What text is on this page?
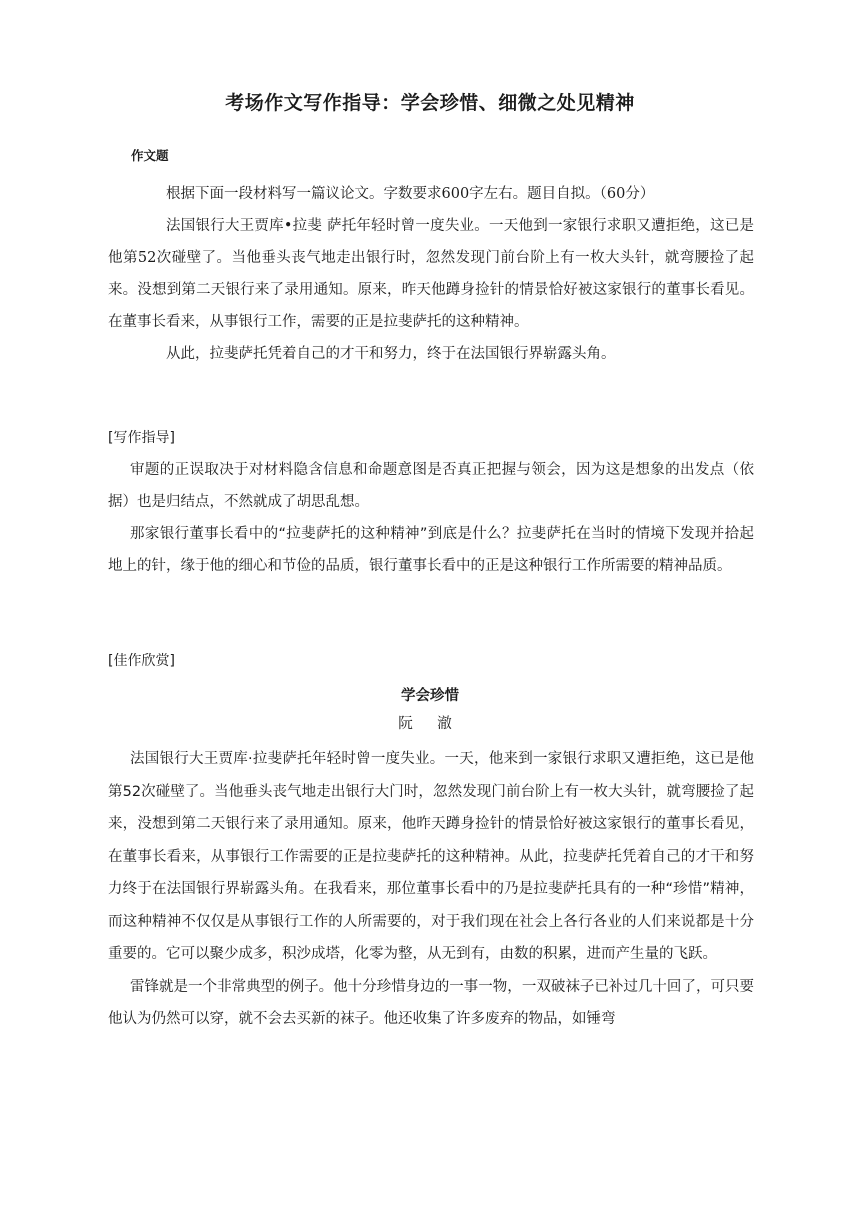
考场作文写作指导：学会珍惜、细微之处见精神
作文题

根据下面一段材料写一篇议论文。字数要求600字左右。题目自拟。（60分）

法国银行大王贾库•拉斐 萨托年轻时曾一度失业。一天他到一家银行求职又遭拒绝，这已是他第52次碰壁了。当他垂头丧气地走出银行时，忽然发现门前台阶上有一枚大头针，就弯腰捡了起来。没想到第二天银行来了录用通知。原来，昨天他蹲身捡针的情景恰好被这家银行的董事长看见。在董事长看来，从事银行工作，需要的正是拉斐萨托的这种精神。

从此，拉斐萨托凭着自己的才干和努力，终于在法国银行界崭露头角。

[写作指导]

审题的正误取决于对材料隐含信息和命题意图是否真正把握与领会，因为这是想象的出发点（依据）也是归结点，不然就成了胡思乱想。

那家银行董事长看中的“拉斐萨托的这种精神”到底是什么？拉斐萨托在当时的情境下发现并拾起地上的针，缘于他的细心和节俭的品质，银行董事长看中的正是这种银行工作所需要的精神品质。

[佳作欣赏]
学会珍惜
阮 澈

法国银行大王贾库·拉斐萨托年轻时曾一度失业。一天，他来到一家银行求职又遭拒绝，这已是他第52次碰壁了。当他垂头丧气地走出银行大门时，忽然发现门前台阶上有一枚大头针，就弯腰捡了起来，没想到第二天银行来了录用通知。原来，他昨天蹲身捡针的情景恰好被这家银行的董事长看见，在董事长看来，从事银行工作需要的正是拉斐萨托的这种精神。从此，拉斐萨托凭着自己的才干和努力终于在法国银行界崭露头角。在我看来，那位董事长看中的乃是拉斐萨托具有的一种“珍惜”精神，而这种精神不仅仅是从事银行工作的人所需要的，对于我们现在社会上各行各业的人们来说都是十分重要的。它可以聚少成多，积沙成塔，化零为整，从无到有，由数的积累，进而产生量的飞跃。

雷锋就是一个非常典型的例子。他十分珍惜身边的一事一物，一双破袜子已补过几十回了，可只要他认为仍然可以穿，就不会去买新的袜子。他还收集了许多废弃的物品，如锤弯
